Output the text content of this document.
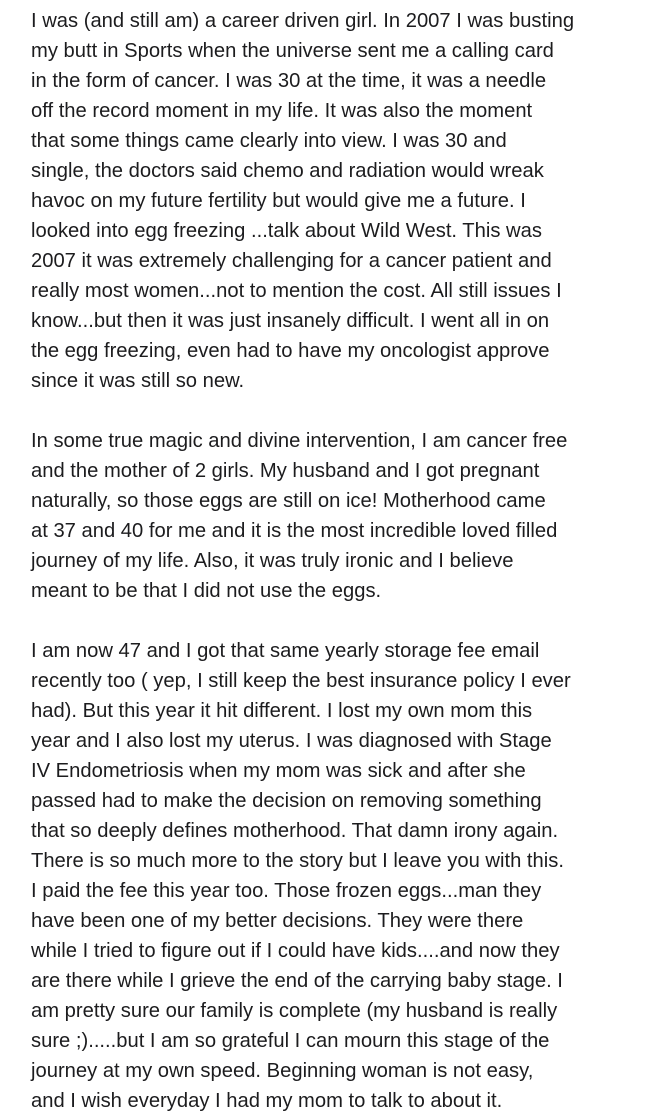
I was (and still am) a career driven girl. In 2007 I was busting
my butt in Sports when the universe sent me a calling card
in the form of cancer. I was 30 at the time, it was a needle
off the record moment in my life. It was also the moment
that some things came clearly into view. I was 30 and
single, the doctors said chemo and radiation would wreak
havoc on my future fertility but would give me a future. I
looked into egg freezing ...talk about Wild West. This was
2007 it was extremely challenging for a cancer patient and
really most women...not to mention the cost. All still issues I
know...but then it was just insanely difficult. I went all in on
the egg freezing, even had to have my oncologist approve
since it was still so new.
In some true magic and divine intervention, I am cancer free
and the mother of 2 girls. My husband and I got pregnant
naturally, so those eggs are still on ice! Motherhood came
at 37 and 40 for me and it is the most incredible loved filled
journey of my life. Also, it was truly ironic and I believe
meant to be that I did not use the eggs.
I am now 47 and I got that same yearly storage fee email
recently too ( yep, I still keep the best insurance policy I ever
had). But this year it hit different. I lost my own mom this
year and I also lost my uterus. I was diagnosed with Stage
IV Endometriosis when my mom was sick and after she
passed had to make the decision on removing something
that so deeply defines motherhood. That damn irony again.
There is so much more to the story but I leave you with this.
I paid the fee this year too. Those frozen eggs...man they
have been one of my better decisions. They were there
while I tried to figure out if I could have kids....and now they
are there while I grieve the end of the carrying baby stage. I
am pretty sure our family is complete (my husband is really
sure ;).....but I am so grateful I can mourn this stage of the
journey at my own speed. Beginning woman is not easy,
and I wish everyday I had my mom to talk to about it.
